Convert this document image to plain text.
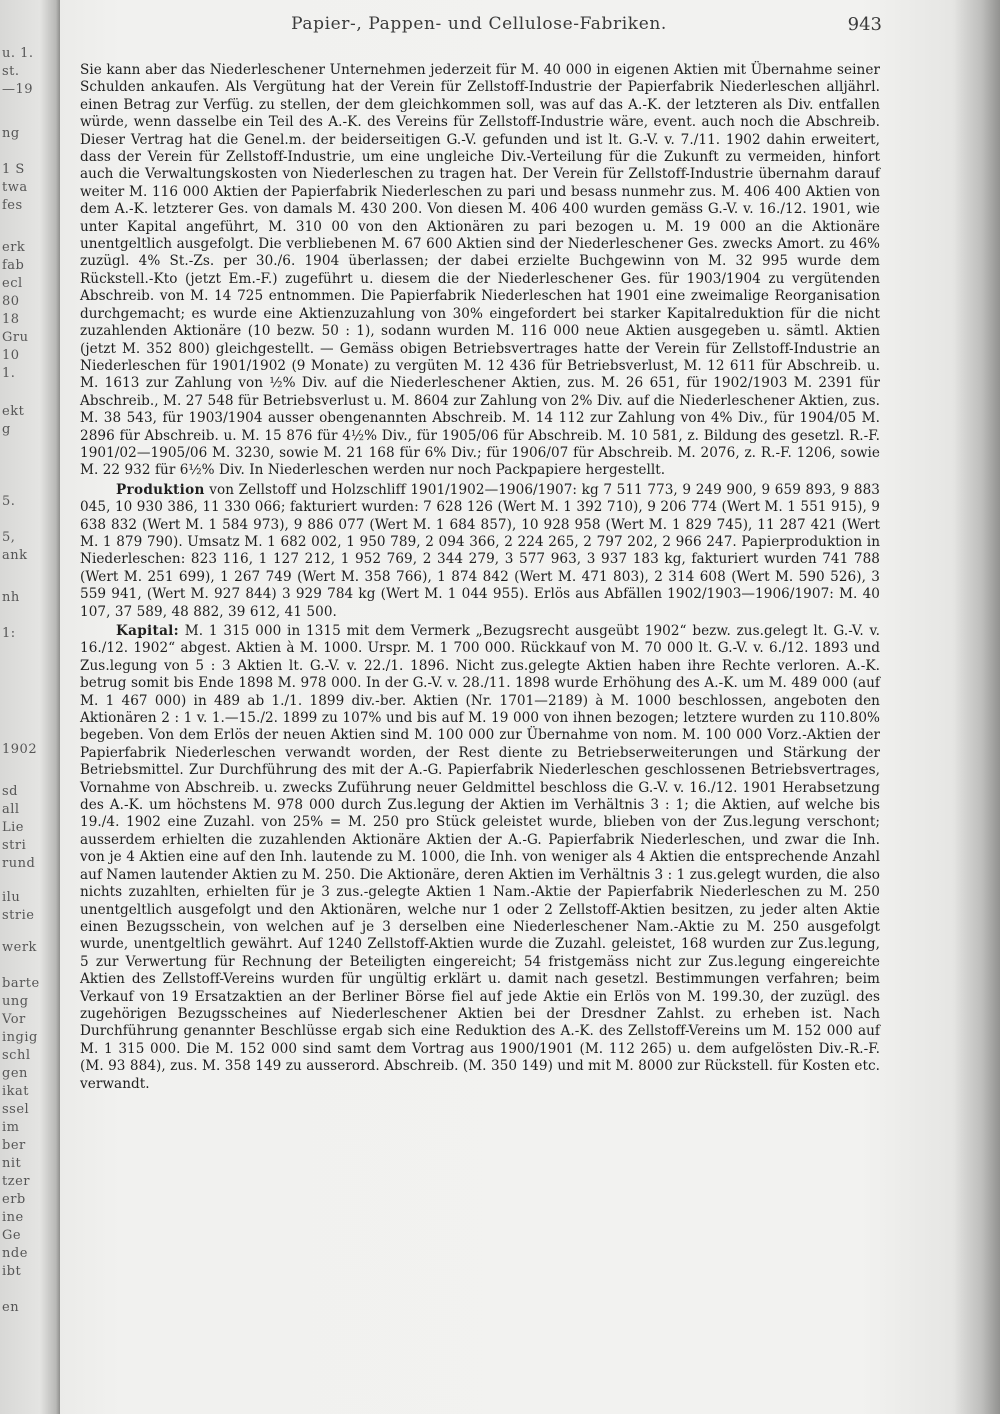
u. 1.
st.
—19
ng
1 S
twa
fes
erk
fab
ecl
80
18
Gru
10
1.
ekt
g
5.
5,
ank
nh
1:
1902
sd
all
Lie
stri
rund
ilu
strie
werk
barte
ung
Vor
ingig
schl
gen
ikat
ssel
im
ber
nit
tzer
erb
ine
Ge
nde
ibt
en
Papier-, Pappen- und Cellulose-Fabriken.	943

Sie kann aber das Niederleschener Unternehmen jederzeit für M. 40 000 in eigenen Aktien mit Übernahme seiner Schulden ankaufen. Als Vergütung hat der Verein für Zellstoff-Industrie der Papierfabrik Niederleschen alljährl. einen Betrag zur Verfüg. zu stellen, der dem gleichkommen soll, was auf das A.-K. der letzteren als Div. entfallen würde, wenn dasselbe ein Teil des A.-K. des Vereins für Zellstoff-Industrie wäre, event. auch noch die Abschreib. Dieser Vertrag hat die Genel.m. der beiderseitigen G.-V. gefunden und ist lt. G.-V. v. 7./11. 1902 dahin erweitert, dass der Verein für Zellstoff-Industrie, um eine ungleiche Div.-Verteilung für die Zukunft zu vermeiden, hinfort auch die Verwaltungskosten von Niederleschen zu tragen hat. Der Verein für Zellstoff-Industrie übernahm darauf weiter M. 116 000 Aktien der Papierfabrik Niederleschen zu pari und besass nunmehr zus. M. 406 400 Aktien von dem A.-K. letzterer Ges. von damals M. 430 200. Von diesen M. 406 400 wurden gemäss G.-V. v. 16./12. 1901, wie unter Kapital angeführt, M. 310 00 von den Aktionären zu pari bezogen u. M. 19 000 an die Aktionäre unentgeltlich ausgefolgt. Die verbliebenen M. 67 600 Aktien sind der Niederleschener Ges. zwecks Amort. zu 46% zuzügl. 4% St.-Zs. per 30./6. 1904 überlassen; der dabei erzielte Buchgewinn von M. 32 995 wurde dem Rückstell.-Kto (jetzt Em.-F.) zugeführt u. diesem die der Niederleschener Ges. für 1903/1904 zu vergütenden Abschreib. von M. 14 725 entnommen. Die Papierfabrik Niederleschen hat 1901 eine zweimalige Reorganisation durchgemacht; es wurde eine Aktienzuzahlung von 30% eingefordert bei starker Kapitalreduktion für die nicht zuzahlenden Aktionäre (10 bezw. 50 : 1), sodann wurden M. 116 000 neue Aktien ausgegeben u. sämtl. Aktien (jetzt M. 352 800) gleichgestellt. — Gemäss obigen Betriebsvertrages hatte der Verein für Zellstoff-Industrie an Niederleschen für 1901/1902 (9 Monate) zu vergüten M. 12 436 für Betriebsverlust, M. 12 611 für Abschreib. u. M. 1613 zur Zahlung von ½% Div. auf die Niederleschener Aktien, zus. M. 26 651, für 1902/1903 M. 2391 für Abschreib., M. 27 548 für Betriebsverlust u. M. 8604 zur Zahlung von 2% Div. auf die Niederleschener Aktien, zus. M. 38 543, für 1903/1904 ausser obengenannten Abschreib. M. 14 112 zur Zahlung von 4% Div., für 1904/05 M. 2896 für Abschreib. u. M. 15 876 für 4½% Div., für 1905/06 für Abschreib. M. 10 581, z. Bildung des gesetzl. R.-F. 1901/02—1905/06 M. 3230, sowie M. 21 168 für 6% Div.; für 1906/07 für Abschreib. M. 2076, z. R.-F. 1206, sowie M. 22 932 für 6½% Div. In Niederleschen werden nur noch Packpapiere hergestellt.

Produktion von Zellstoff und Holzschliff 1901/1902—1906/1907: kg 7 511 773, 9 249 900, 9 659 893, 9 883 045, 10 930 386, 11 330 066; fakturiert wurden: 7 628 126 (Wert M. 1 392 710), 9 206 774 (Wert M. 1 551 915), 9 638 832 (Wert M. 1 584 973), 9 886 077 (Wert M. 1 684 857), 10 928 958 (Wert M. 1 829 745), 11 287 421 (Wert M. 1 879 790). Umsatz M. 1 682 002, 1 950 789, 2 094 366, 2 224 265, 2 797 202, 2 966 247. Papierproduktion in Niederleschen: 823 116, 1 127 212, 1 952 769, 2 344 279, 3 577 963, 3 937 183 kg, fakturiert wurden 741 788 (Wert M. 251 699), 1 267 749 (Wert M. 358 766), 1 874 842 (Wert M. 471 803), 2 314 608 (Wert M. 590 526), 3 559 941, (Wert M. 927 844) 3 929 784 kg (Wert M. 1 044 955). Erlös aus Abfällen 1902/1903—1906/1907: M. 40 107, 37 589, 48 882, 39 612, 41 500.

Kapital: M. 1 315 000 in 1315 mit dem Vermerk „Bezugsrecht ausgeübt 1902“ bezw. zus.gelegt lt. G.-V. v. 16./12. 1902“ abgest. Aktien à M. 1000. Urspr. M. 1 700 000. Rückkauf von M. 70 000 lt. G.-V. v. 6./12. 1893 und Zus.legung von 5 : 3 Aktien lt. G.-V. v. 22./1. 1896. Nicht zus.gelegte Aktien haben ihre Rechte verloren. A.-K. betrug somit bis Ende 1898 M. 978 000. In der G.-V. v. 28./11. 1898 wurde Erhöhung des A.-K. um M. 489 000 (auf M. 1 467 000) in 489 ab 1./1. 1899 div.-ber. Aktien (Nr. 1701—2189) à M. 1000 beschlossen, angeboten den Aktionären 2 : 1 v. 1.—15./2. 1899 zu 107% und bis auf M. 19 000 von ihnen bezogen; letztere wurden zu 110.80% begeben. Von dem Erlös der neuen Aktien sind M. 100 000 zur Übernahme von nom. M. 100 000 Vorz.-Aktien der Papierfabrik Niederleschen verwandt worden, der Rest diente zu Betriebserweiterungen und Stärkung der Betriebsmittel. Zur Durchführung des mit der A.-G. Papierfabrik Niederleschen geschlossenen Betriebsvertrages, Vornahme von Abschreib. u. zwecks Zuführung neuer Geldmittel beschloss die G.-V. v. 16./12. 1901 Herabsetzung des A.-K. um höchstens M. 978 000 durch Zus.legung der Aktien im Verhältnis 3 : 1; die Aktien, auf welche bis 19./4. 1902 eine Zuzahl. von 25% = M. 250 pro Stück geleistet wurde, blieben von der Zus.legung verschont; ausserdem erhielten die zuzahlenden Aktionäre Aktien der A.-G. Papierfabrik Niederleschen, und zwar die Inh. von je 4 Aktien eine auf den Inh. lautende zu M. 1000, die Inh. von weniger als 4 Aktien die entsprechende Anzahl auf Namen lautender Aktien zu M. 250. Die Aktionäre, deren Aktien im Verhältnis 3 : 1 zus.gelegt wurden, die also nichts zuzahlten, erhielten für je 3 zus.-gelegte Aktien 1 Nam.-Aktie der Papierfabrik Niederleschen zu M. 250 unentgeltlich ausgefolgt und den Aktionären, welche nur 1 oder 2 Zellstoff-Aktien besitzen, zu jeder alten Aktie einen Bezugsschein, von welchen auf je 3 derselben eine Niederleschener Nam.-Aktie zu M. 250 ausgefolgt wurde, unentgeltlich gewährt. Auf 1240 Zellstoff-Aktien wurde die Zuzahl. geleistet, 168 wurden zur Zus.legung, 5 zur Verwertung für Rechnung der Beteiligten eingereicht; 54 fristgemäss nicht zur Zus.legung eingereichte Aktien des Zellstoff-Vereins wurden für ungültig erklärt u. damit nach gesetzl. Bestimmungen verfahren; beim Verkauf von 19 Ersatzaktien an der Berliner Börse fiel auf jede Aktie ein Erlös von M. 199.30, der zuzügl. des zugehörigen Bezugsscheines auf Niederleschener Aktien bei der Dresdner Zahlst. zu erheben ist. Nach Durchführung genannter Beschlüsse ergab sich eine Reduktion des A.-K. des Zellstoff-Vereins um M. 152 000 auf M. 1 315 000. Die M. 152 000 sind samt dem Vortrag aus 1900/1901 (M. 112 265) u. dem aufgelösten Div.-R.-F. (M. 93 884), zus. M. 358 149 zu ausserord. Abschreib. (M. 350 149) und mit M. 8000 zur Rückstell. für Kosten etc. verwandt.
